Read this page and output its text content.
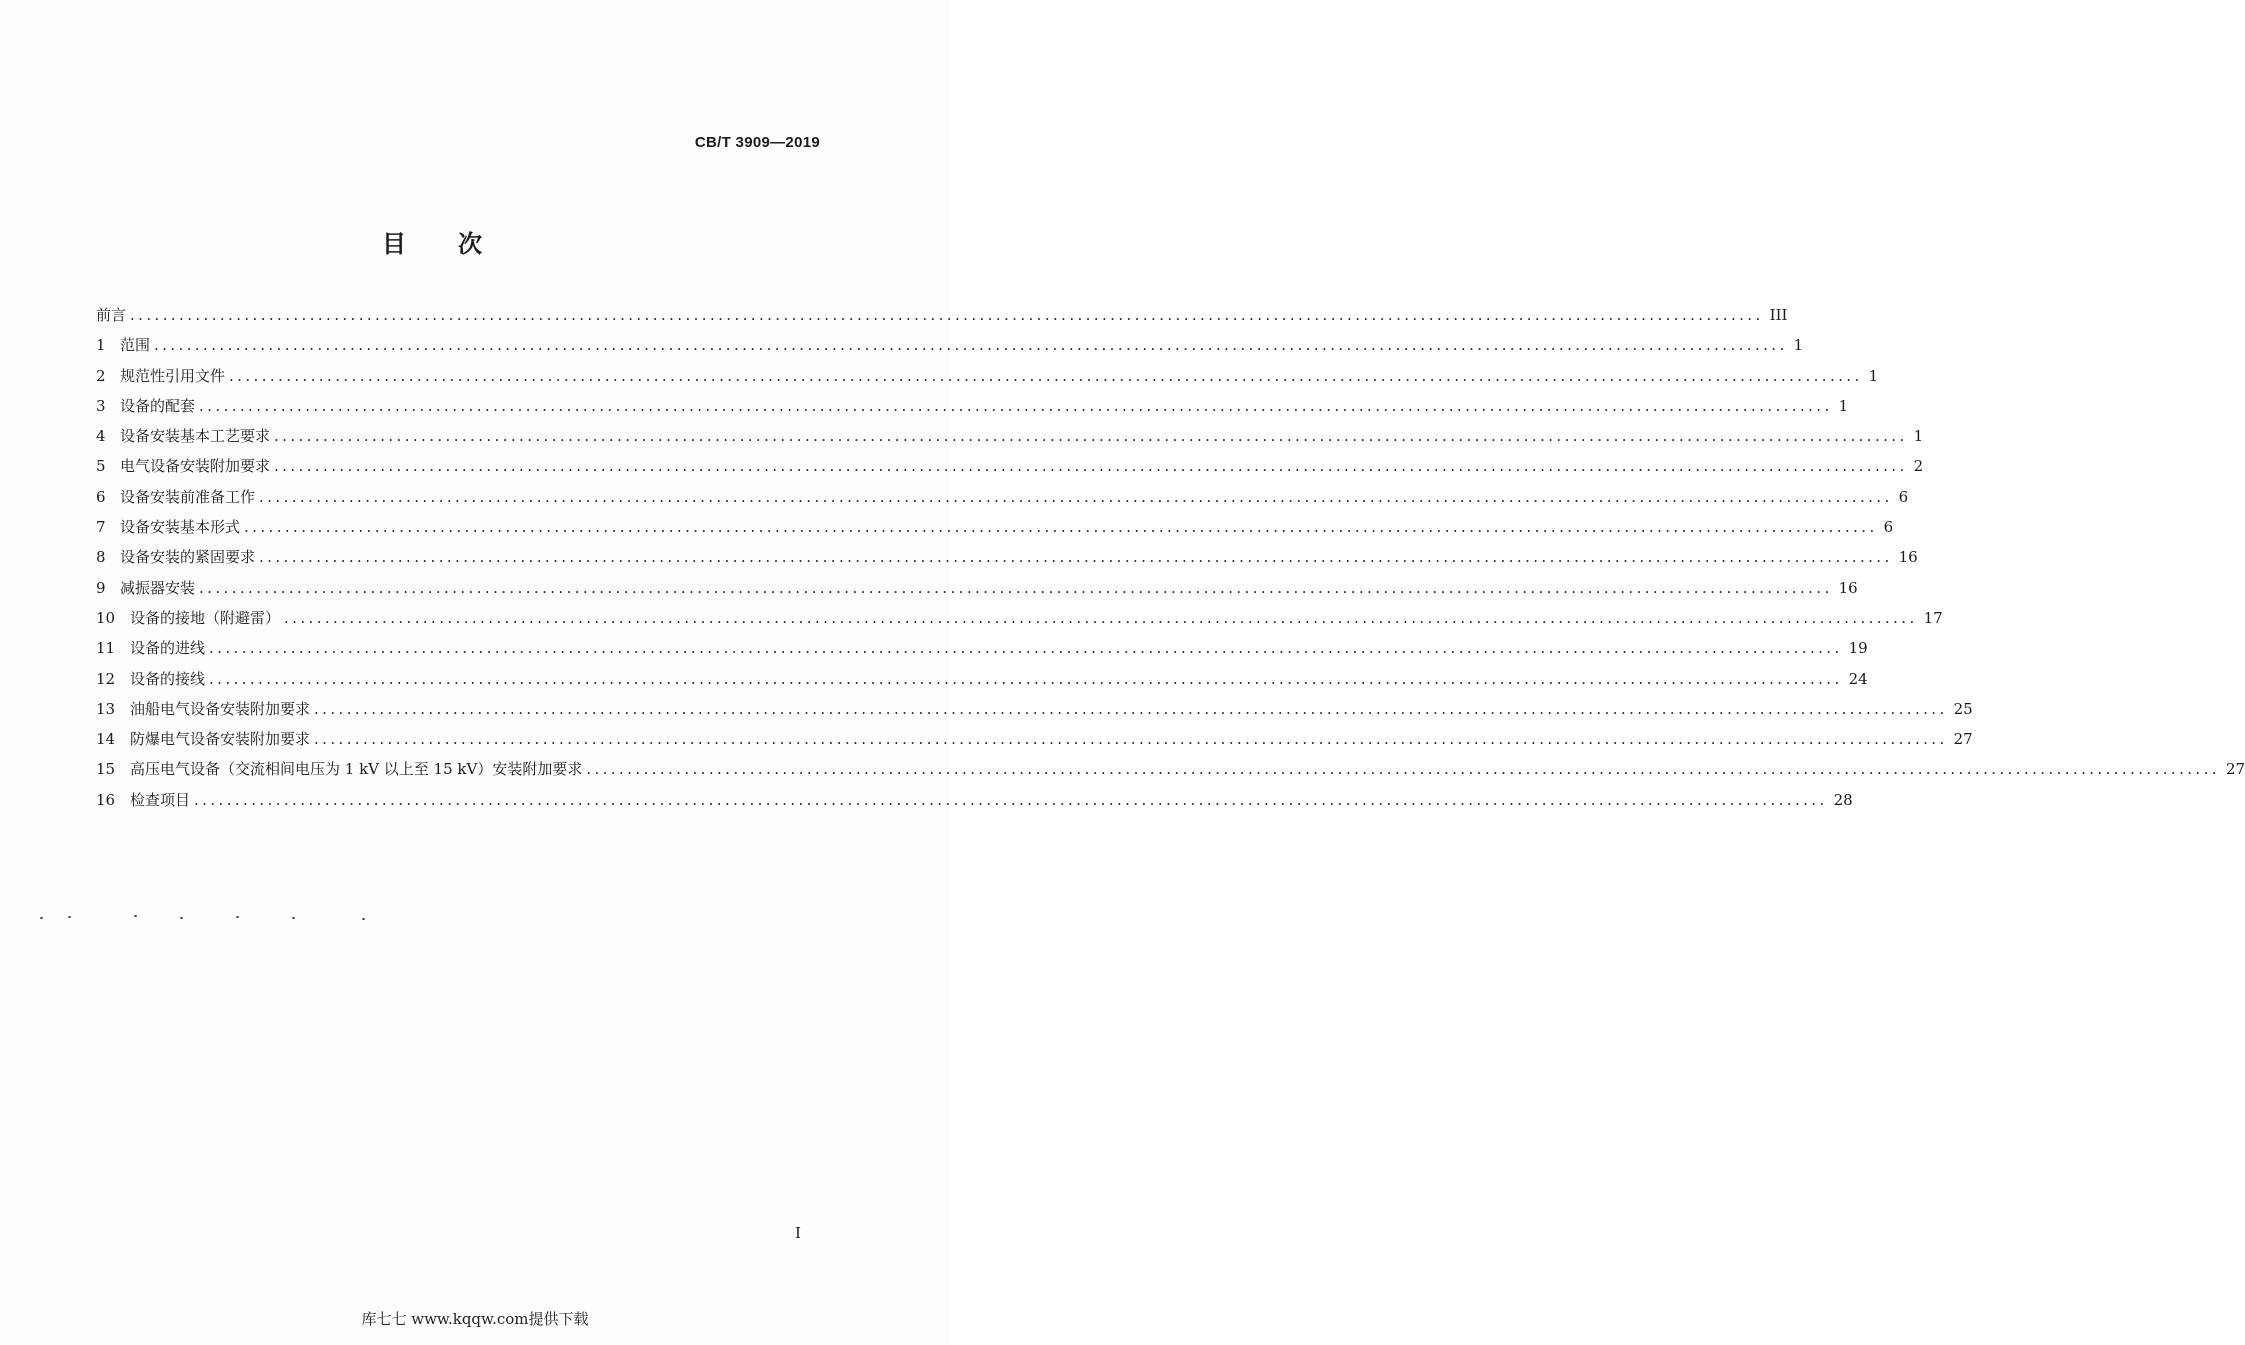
CB/T 3909—2019
目次
前言 ........................................................................................................................................................................................................ III
1 范围 ........................................................................................................................................................................................................ 1
2 规范性引用文件 ........................................................................................................................................................................................................ 1
3 设备的配套 ........................................................................................................................................................................................................ 1
4 设备安装基本工艺要求 ........................................................................................................................................................................................................ 1
5 电气设备安装附加要求 ........................................................................................................................................................................................................ 2
6 设备安装前准备工作 ........................................................................................................................................................................................................ 6
7 设备安装基本形式 ........................................................................................................................................................................................................ 6
8 设备安装的紧固要求 ........................................................................................................................................................................................................ 16
9 减振器安装 ........................................................................................................................................................................................................ 16
10 设备的接地（附避雷） ........................................................................................................................................................................................................ 17
11 设备的进线 ........................................................................................................................................................................................................ 19
12 设备的接线 ........................................................................................................................................................................................................ 24
13 油船电气设备安装附加要求 ........................................................................................................................................................................................................ 25
14 防爆电气设备安装附加要求 ........................................................................................................................................................................................................ 27
15 高压电气设备（交流相间电压为 1 kV 以上至 15 kV）安装附加要求 ........................................................................................................................................................................................................ 27
16 检查项目 ........................................................................................................................................................................................................ 28
I
库七七 www.kqqw.com提供下载
